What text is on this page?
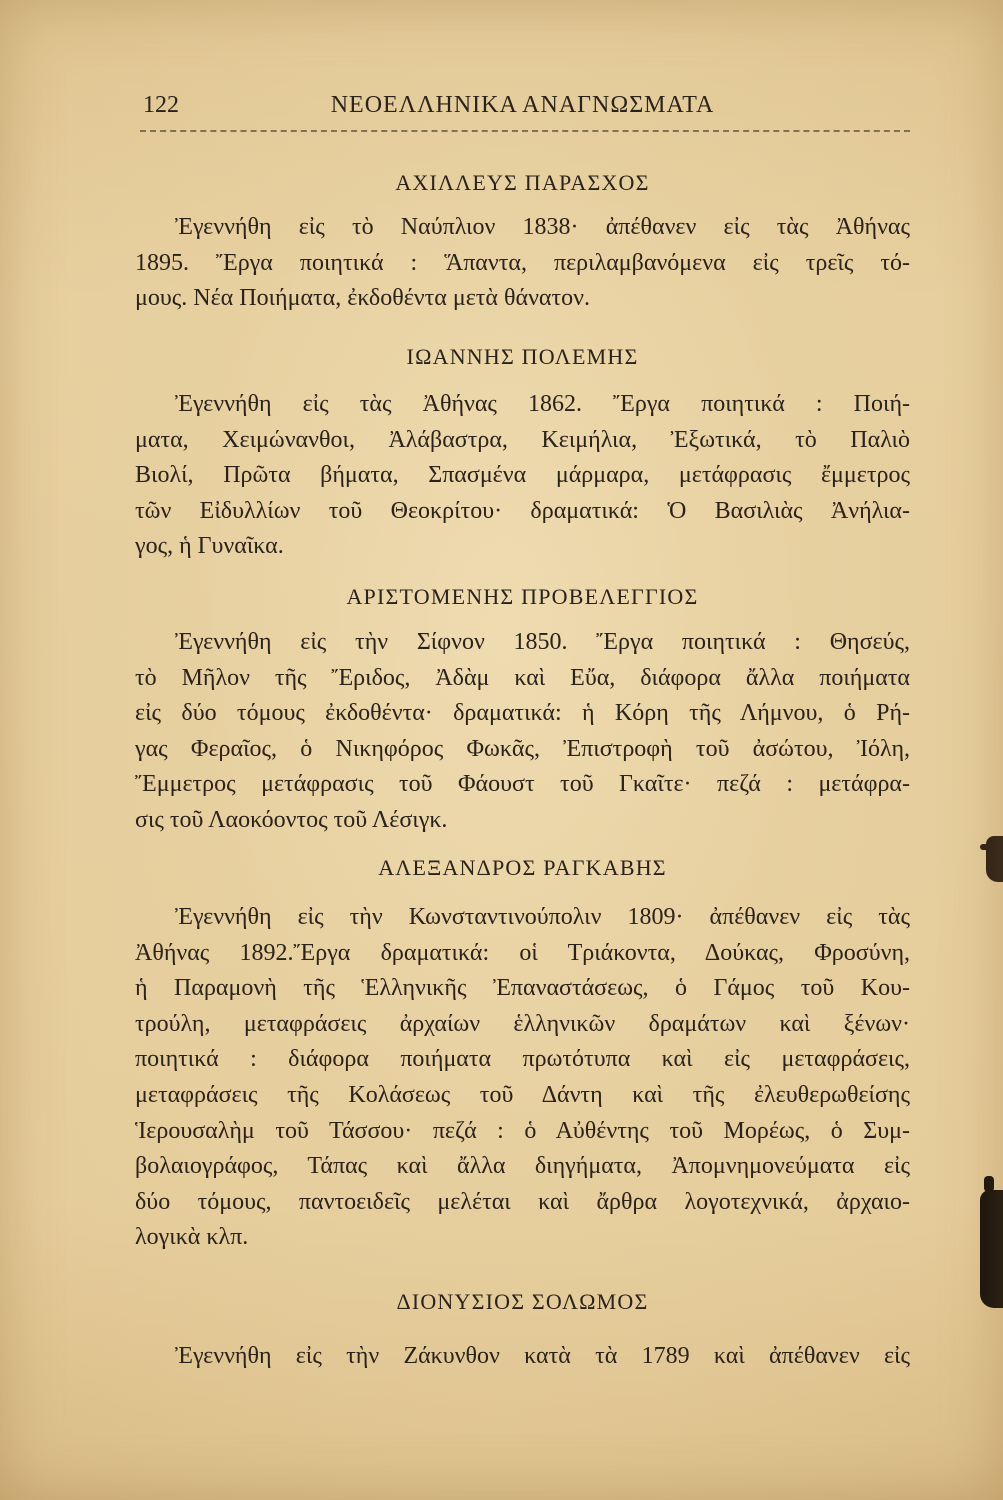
122	ΝΕΟΕΛΛΗΝΙΚΑ ΑΝΑΓΝΩΣΜΑΤΑ
ΑΧΙΛΛΕΥΣ ΠΑΡΑΣΧΟΣ
Ἐγεννήθη εἰς τὸ Ναύπλιον 1838· ἀπέθανεν εἰς τὰς Ἀθήνας
1895. Ἔργα ποιητικά : Ἅπαντα, περιλαμβανόμενα εἰς τρεῖς τό-
μους. Νέα Ποιήματα, ἐκδοθέντα μετὰ θάνατον.
ΙΩΑΝΝΗΣ ΠΟΛΕΜΗΣ
Ἐγεννήθη εἰς τὰς Ἀθήνας 1862. Ἔργα ποιητικά : Ποιή-
ματα, Χειμώνανθοι, Ἀλάβαστρα, Κειμήλια, Ἐξωτικά, τὸ Παλιὸ
Βιολί, Πρῶτα βήματα, Σπασμένα μάρμαρα, μετάφρασις ἔμμετρος
τῶν Εἰδυλλίων τοῦ Θεοκρίτου· δραματικά: Ὁ Βασιλιὰς Ἀνήλια-
γος, ἡ Γυναῖκα.
ΑΡΙΣΤΟΜΕΝΗΣ ΠΡΟΒΕΛΕΓΓΙΟΣ
Ἐγεννήθη εἰς τὴν Σίφνον 1850. Ἔργα ποιητικά : Θησεύς,
τὸ Μῆλον τῆς Ἔριδος, Ἀδὰμ καὶ Εὔα, διάφορα ἄλλα ποιήματα
εἰς δύο τόμους ἐκδοθέντα· δραματικά: ἡ Κόρη τῆς Λήμνου, ὁ Ρή-
γας Φεραῖος, ὁ Νικηφόρος Φωκᾶς, Ἐπιστροφὴ τοῦ ἀσώτου, Ἰόλη,
Ἔμμετρος μετάφρασις τοῦ Φάουστ τοῦ Γκαῖτε· πεζά : μετάφρα-
σις τοῦ Λαοκόοντος τοῦ Λέσιγκ.
ΑΛΕΞΑΝΔΡΟΣ ΡΑΓΚΑΒΗΣ
Ἐγεννήθη εἰς τὴν Κωνσταντινούπολιν 1809· ἀπέθανεν εἰς τὰς
Ἀθήνας 1892.Ἔργα δραματικά: οἱ Τριάκοντα, Δούκας, Φροσύνη,
ἡ Παραμονὴ τῆς Ἑλληνικῆς Ἐπαναστάσεως, ὁ Γάμος τοῦ Κου-
τρούλη, μεταφράσεις ἀρχαίων ἑλληνικῶν δραμάτων καὶ ξένων·
ποιητικά : διάφορα ποιήματα πρωτότυπα καὶ εἰς μεταφράσεις,
μεταφράσεις τῆς Κολάσεως τοῦ Δάντη καὶ τῆς ἐλευθερωθείσης
Ἱερουσαλὴμ τοῦ Τάσσου· πεζά : ὁ Αὐθέντης τοῦ Μορέως, ὁ Συμ-
βολαιογράφος, Τάπας καὶ ἄλλα διηγήματα, Ἀπομνημονεύματα εἰς
δύο τόμους, παντοειδεῖς μελέται καὶ ἄρθρα λογοτεχνικά, ἀρχαιο-
λογικὰ κλπ.
ΔΙΟΝΥΣΙΟΣ ΣΟΛΩΜΟΣ
Ἐγεννήθη εἰς τὴν Ζάκυνθον κατὰ τὰ 1789 καὶ ἀπέθανεν εἰς
